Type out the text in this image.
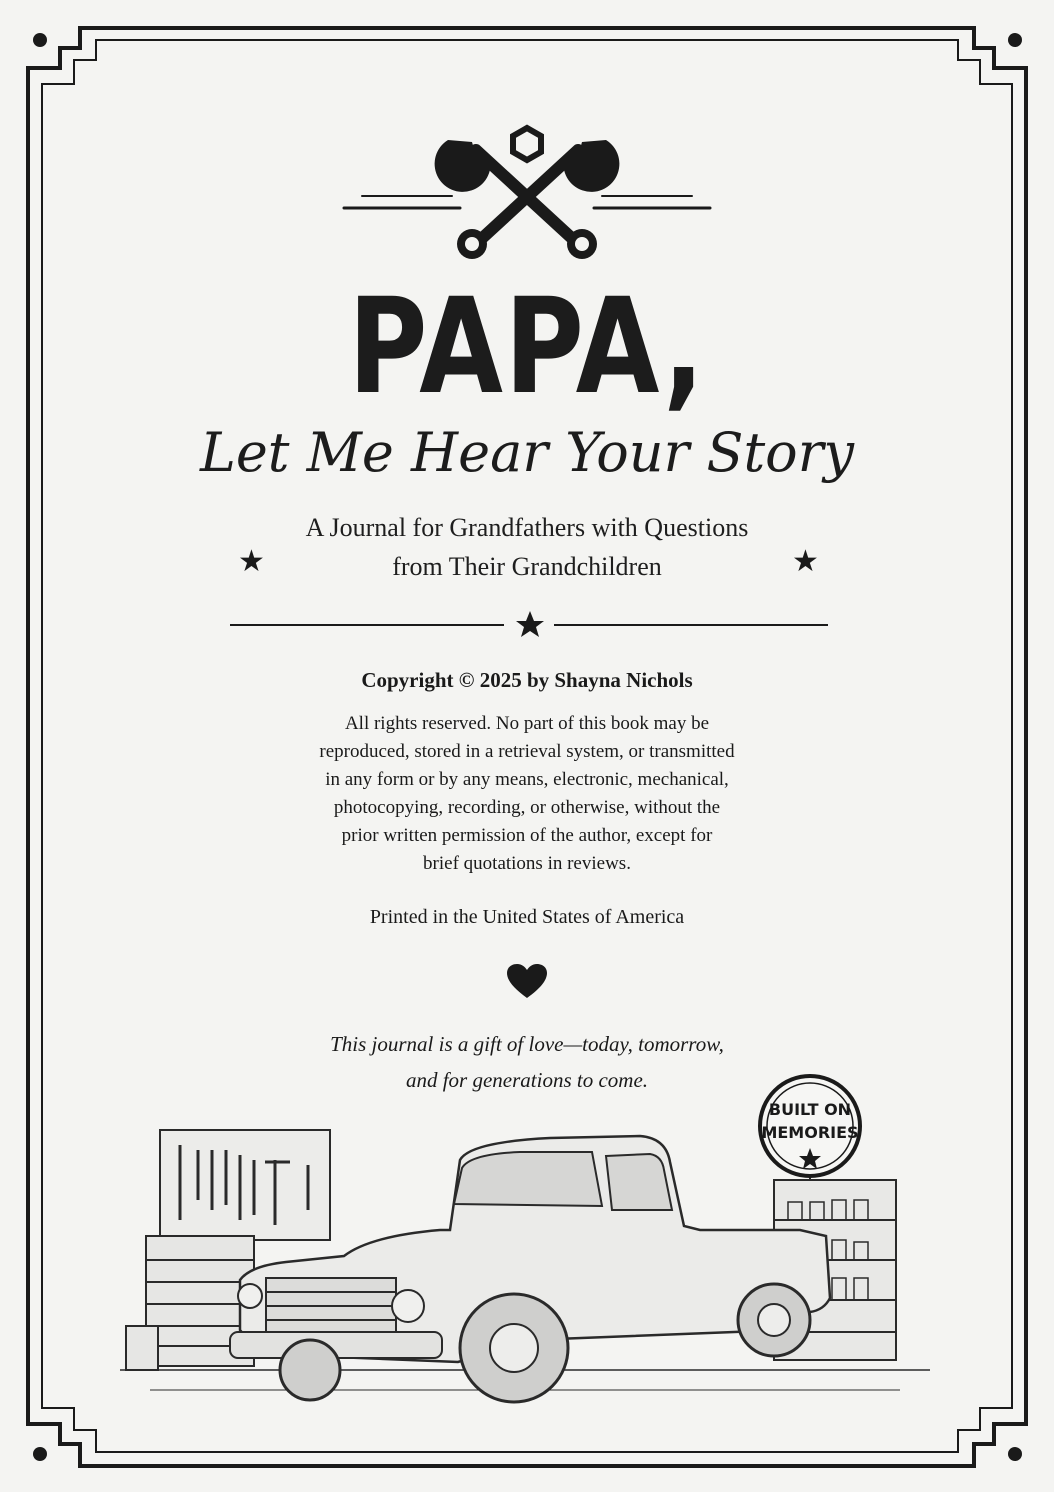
PAPA,
Let Me Hear Your Story
A Journal for Grandfathers with Questions
from Their Grandchildren
★	★
Copyright © 2025 by Shayna Nichols
All rights reserved. No part of this book may be
reproduced, stored in a retrieval system, or transmitted
in any form or by any means, electronic, mechanical,
photocopying, recording, or otherwise, without the
prior written permission of the author, except for
brief quotations in reviews.
Printed in the United States of America
This journal is a gift of love—today, tomorrow,
and for generations to come.
BUILT ON
MEMORIES
